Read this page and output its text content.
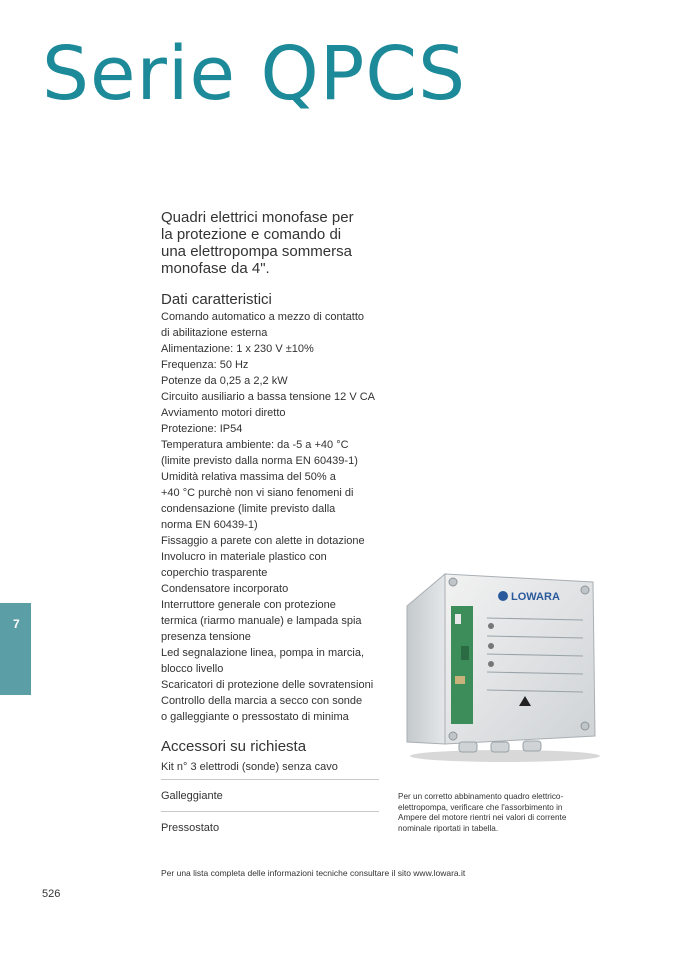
Serie QPCS
Quadri elettrici monofase per
la protezione e comando di
una elettropompa sommersa
monofase da 4".
Dati caratteristici
Comando automatico a mezzo di contatto
di abilitazione esterna
Alimentazione: 1 x 230 V ±10%
Frequenza: 50 Hz
Potenze da 0,25 a 2,2 kW
Circuito ausiliario a bassa tensione 12 V CA
Avviamento motori diretto
Protezione: IP54
Temperatura ambiente: da -5 a +40 °C
(limite previsto dalla norma EN 60439-1)
Umidità relativa massima del 50% a
+40 °C purchè non vi siano fenomeni di
condensazione (limite previsto dalla
norma EN 60439-1)
Fissaggio a parete con alette in dotazione
Involucro in materiale plastico con
coperchio trasparente
Condensatore incorporato
Interruttore generale con protezione
termica (riarmo manuale) e lampada spia
presenza tensione
Led segnalazione linea, pompa in marcia,
blocco livello
Scaricatori di protezione delle sovratensioni
Controllo della marcia a secco con sonde
o galleggiante o pressostato di minima
Accessori su richiesta
Kit n° 3 elettrodi (sonde) senza cavo
Galleggiante
Pressostato
Per un corretto abbinamento quadro elettrico-
elettropompa, verificare che l'assorbimento in
Ampere del motore rientri nei valori di corrente
nominale riportati in tabella.
Per una lista completa delle informazioni tecniche consultare il sito www.lowara.it
526
7
LOWARA
